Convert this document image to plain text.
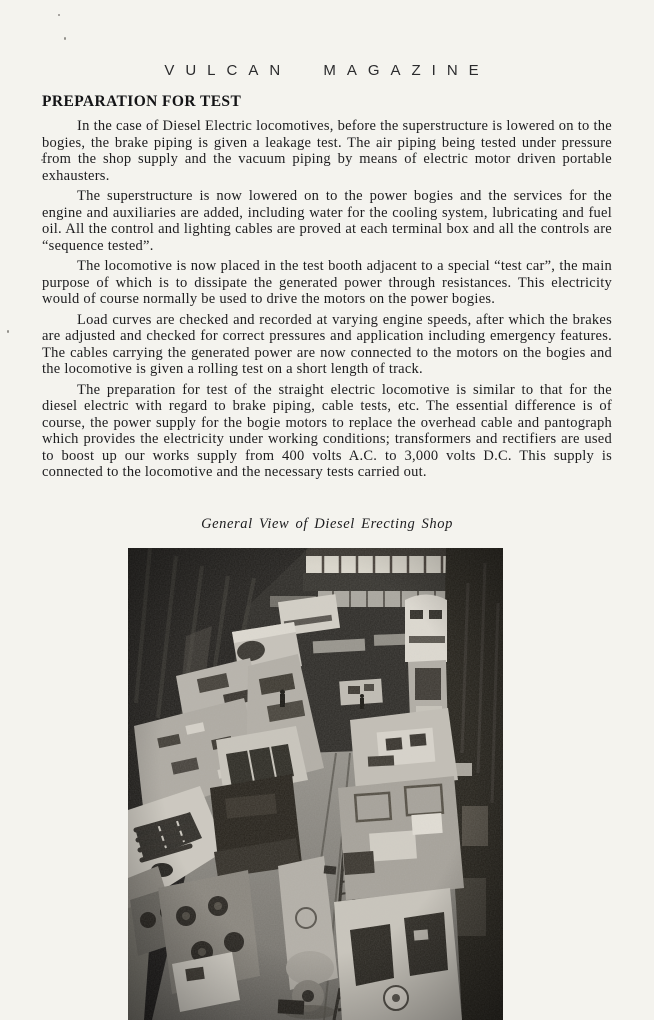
VULCAN MAGAZINE
PREPARATION FOR TEST

In the case of Diesel Electric locomotives, before the superstructure is lowered on to the bogies, the brake piping is given a leakage test. The air piping being tested under pressure from the shop supply and the vacuum piping by means of electric motor driven portable exhausters.

The superstructure is now lowered on to the power bogies and the services for the engine and auxiliaries are added, including water for the cooling system, lubricating and fuel oil. All the control and lighting cables are proved at each terminal box and all the controls are “sequence tested”.

The locomotive is now placed in the test booth adjacent to a special “test car”, the main purpose of which is to dissipate the generated power through resistances. This electricity would of course normally be used to drive the motors on the power bogies.

Load curves are checked and recorded at varying engine speeds, after which the brakes are adjusted and checked for correct pressures and application including emergency features. The cables carrying the generated power are now connected to the motors on the bogies and the locomotive is given a rolling test on a short length of track.

The preparation for test of the straight electric locomotive is similar to that for the diesel electric with regard to brake piping, cable tests, etc. The essential difference is of course, the power supply for the bogie motors to replace the overhead cable and pantograph which provides the electricity under working conditions; transformers and rectifiers are used to boost up our works supply from 400 volts A.C. to 3,000 volts D.C. This supply is connected to the locomotive and the necessary tests carried out.

General View of Diesel Erecting Shop
